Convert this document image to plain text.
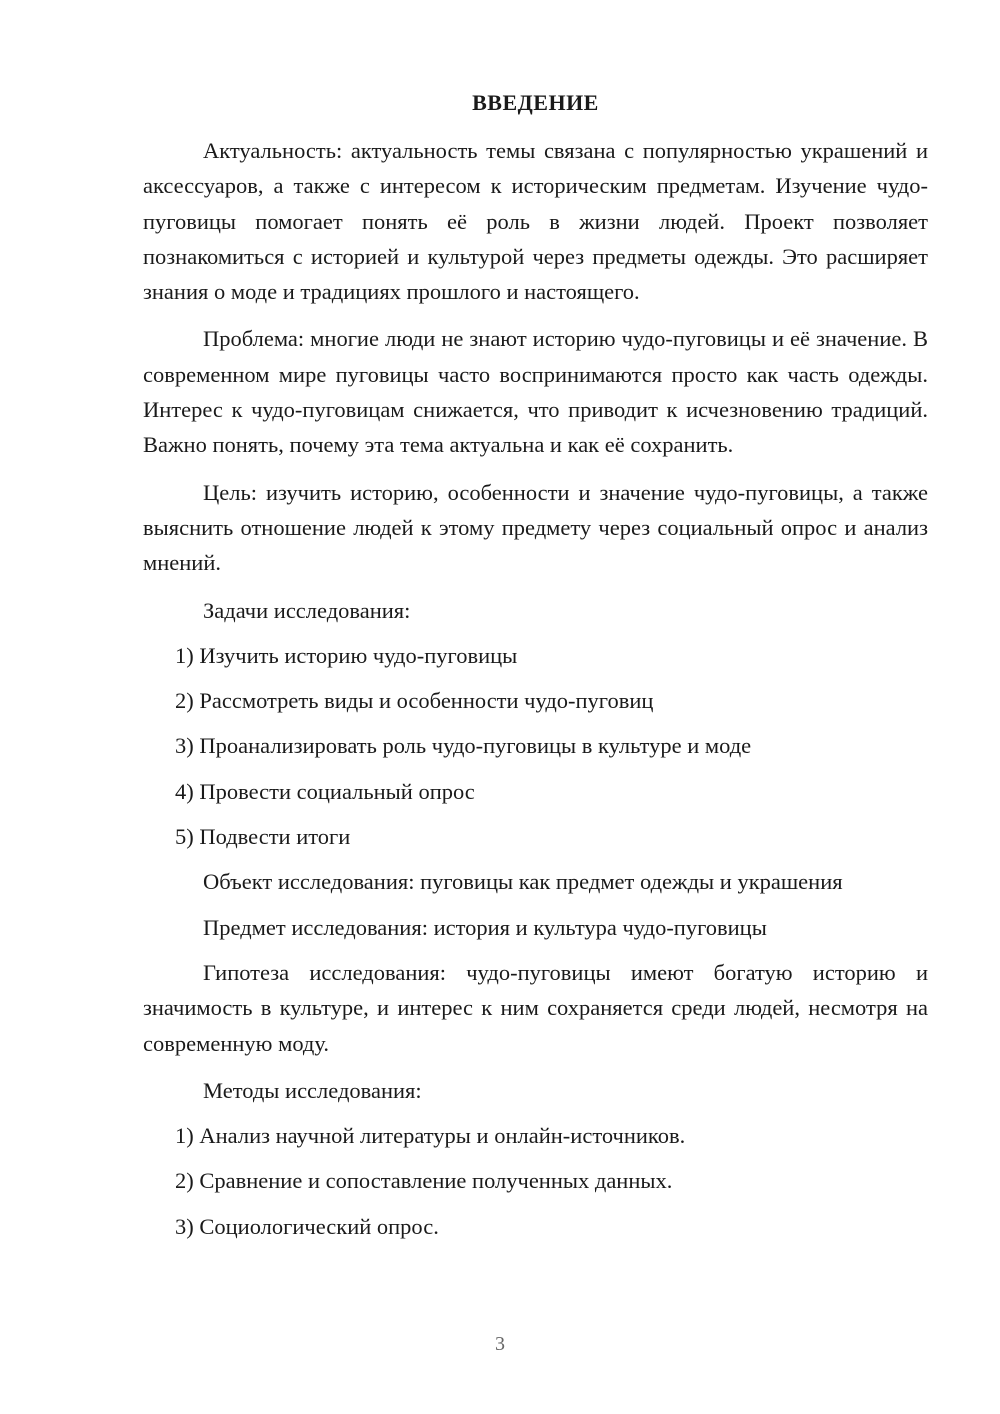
ВВЕДЕНИЕ

Актуальность: актуальность темы связана с популярностью украшений и аксессуаров, а также с интересом к историческим предметам. Изучение чудо-пуговицы помогает понять её роль в жизни людей. Проект позволяет познакомиться с историей и культурой через предметы одежды. Это расширяет знания о моде и традициях прошлого и настоящего.

Проблема: многие люди не знают историю чудо-пуговицы и её значение. В современном мире пуговицы часто воспринимаются просто как часть одежды. Интерес к чудо-пуговицам снижается, что приводит к исчезновению традиций. Важно понять, почему эта тема актуальна и как её сохранить.

Цель: изучить историю, особенности и значение чудо-пуговицы, а также выяснить отношение людей к этому предмету через социальный опрос и анализ мнений.

Задачи исследования:
1) Изучить историю чудо-пуговицы
2) Рассмотреть виды и особенности чудо-пуговиц
3) Проанализировать роль чудо-пуговицы в культуре и моде
4) Провести социальный опрос
5) Подвести итоги
Объект исследования: пуговицы как предмет одежды и украшения
Предмет исследования: история и культура чудо-пуговицы

Гипотеза исследования: чудо-пуговицы имеют богатую историю и значимость в культуре, и интерес к ним сохраняется среди людей, несмотря на современную моду.

Методы исследования:
1) Анализ научной литературы и онлайн-источников.
2) Сравнение и сопоставление полученных данных.
3) Социологический опрос.
3
